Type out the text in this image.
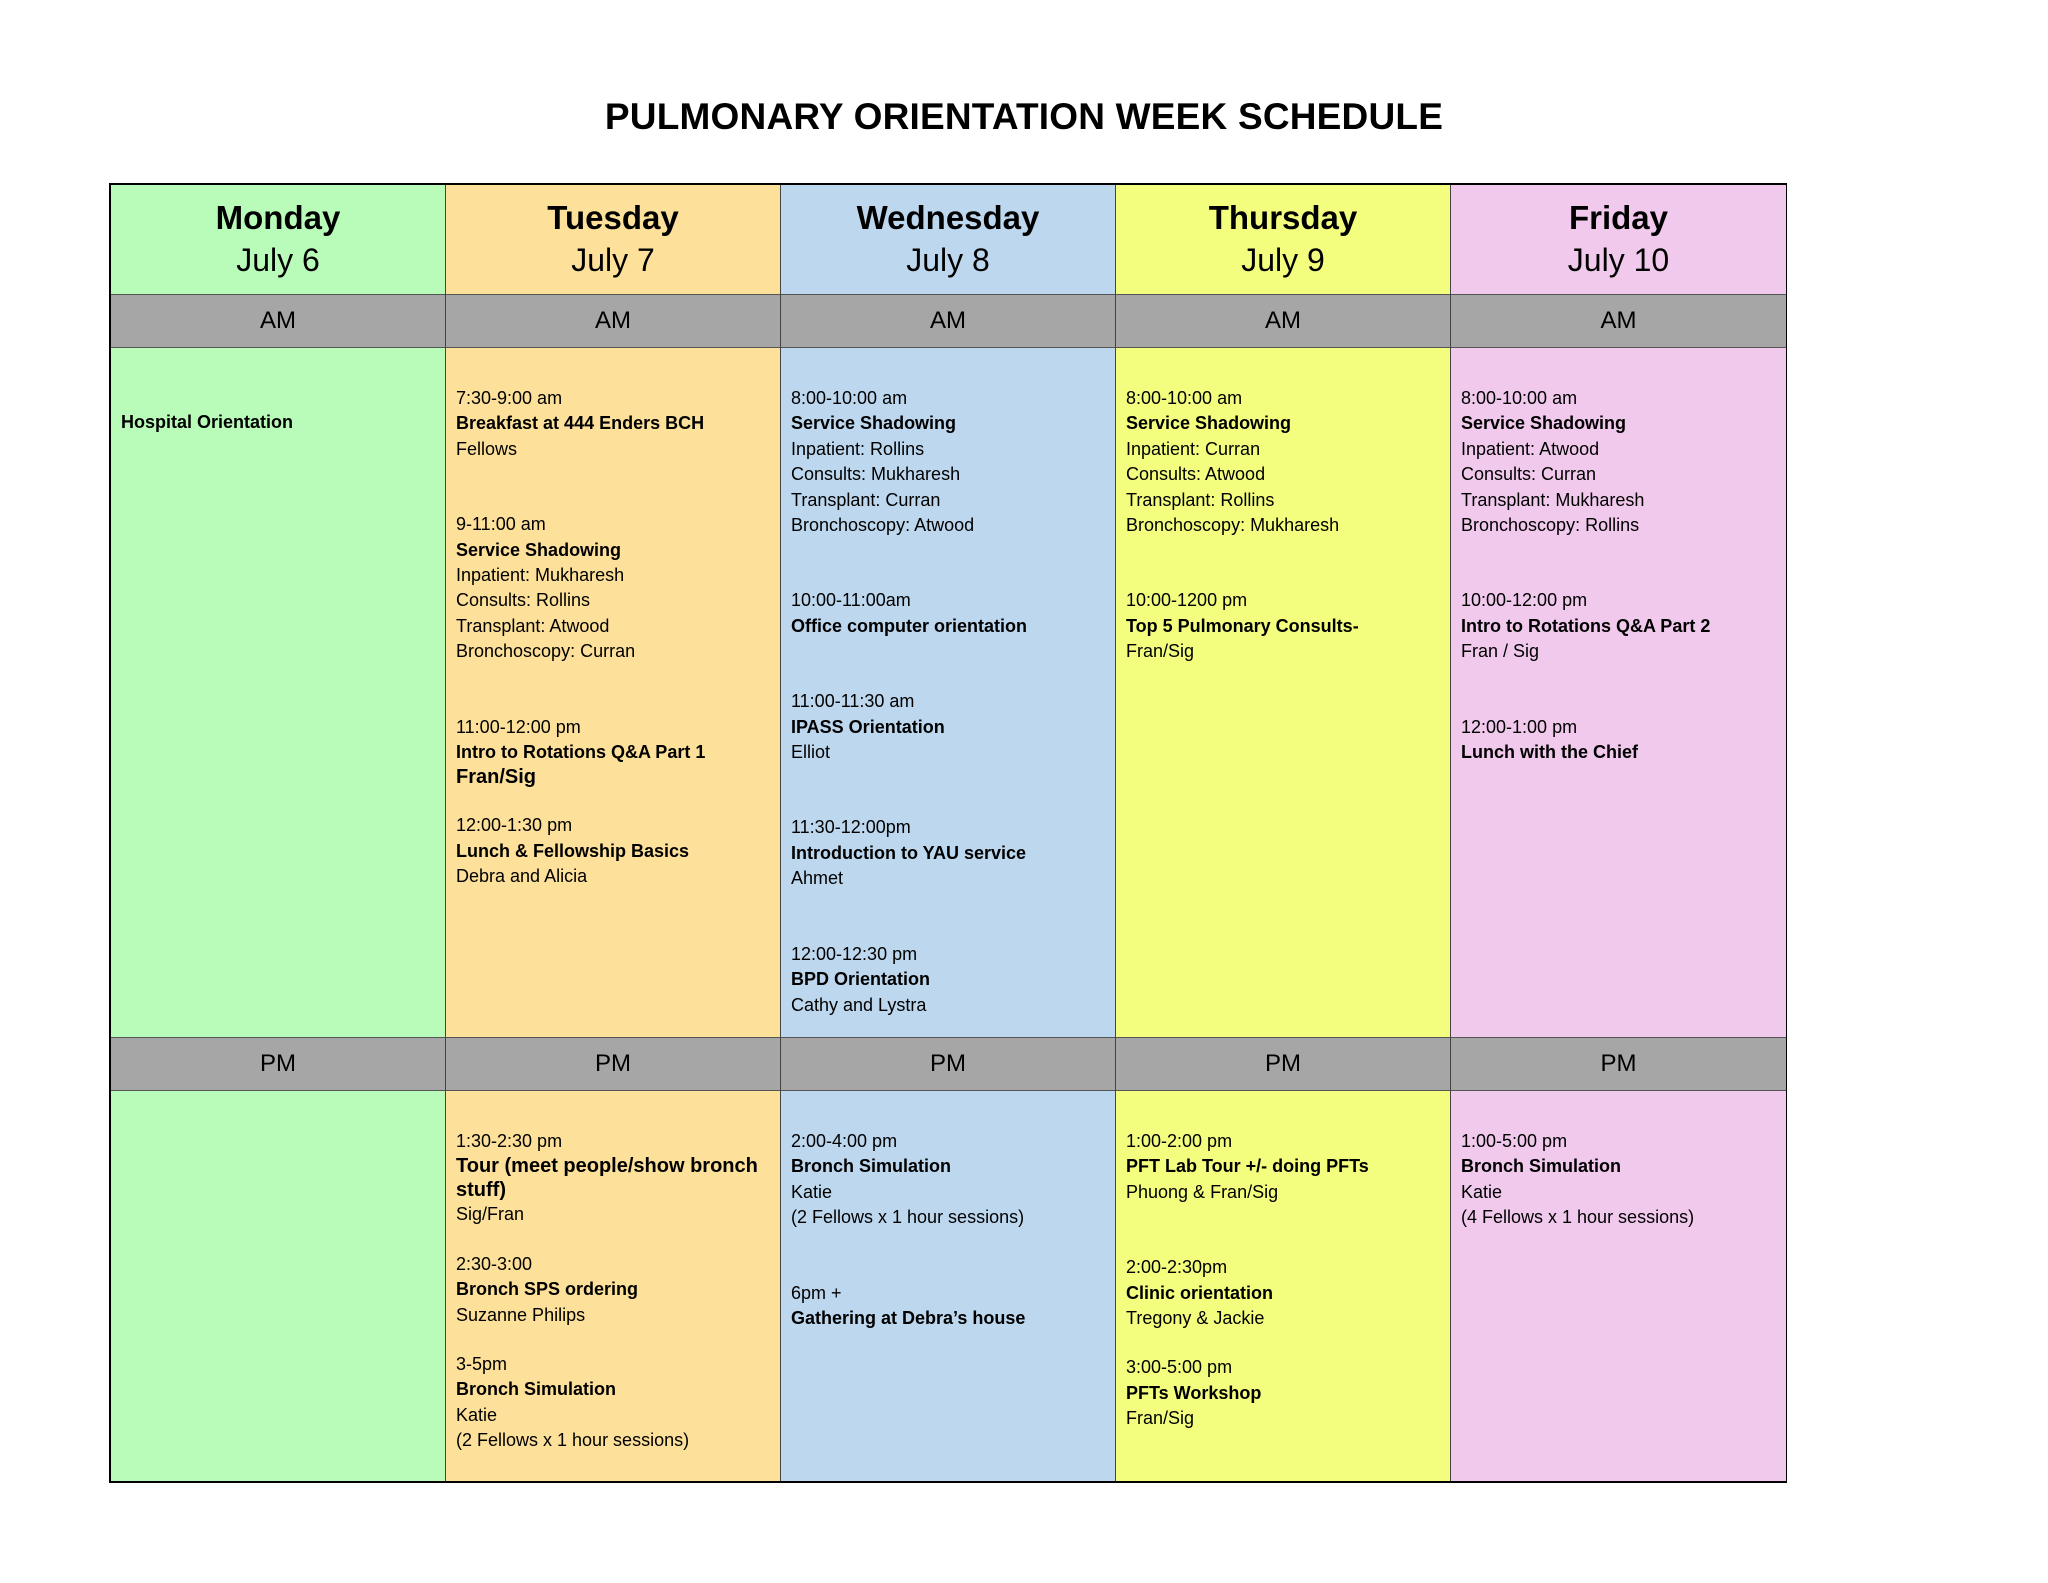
PULMONARY ORIENTATION WEEK SCHEDULE
Monday
July 6
AM
Hospital Orientation
PM
Tuesday
July 7
AM
7:30-9:00 am
Breakfast at 444 Enders BCH
Fellows
9-11:00 am
Service Shadowing
Inpatient: Mukharesh
Consults: Rollins
Transplant: Atwood
Bronchoscopy: Curran
11:00-12:00 pm
Intro to Rotations Q&A Part 1
Fran/Sig
12:00-1:30 pm
Lunch & Fellowship Basics
Debra and Alicia
PM
1:30-2:30 pm
Tour (meet people/show bronch stuff)
Sig/Fran
2:30-3:00
Bronch SPS ordering
Suzanne Philips
3-5pm
Bronch Simulation
Katie
(2 Fellows x 1 hour sessions)
Wednesday
July 8
AM
8:00-10:00 am
Service Shadowing
Inpatient: Rollins
Consults: Mukharesh
Transplant: Curran
Bronchoscopy: Atwood
10:00-11:00am
Office computer orientation
11:00-11:30 am
IPASS Orientation
Elliot
11:30-12:00pm
Introduction to YAU service
Ahmet
12:00-12:30 pm
BPD Orientation
Cathy and Lystra
PM
2:00-4:00 pm
Bronch Simulation
Katie
(2 Fellows x 1 hour sessions)
6pm +
Gathering at Debra’s house
Thursday
July 9
AM
8:00-10:00 am
Service Shadowing
Inpatient: Curran
Consults: Atwood
Transplant: Rollins
Bronchoscopy: Mukharesh
10:00-1200 pm
Top 5 Pulmonary Consults-
Fran/Sig
PM
1:00-2:00 pm
PFT Lab Tour +/- doing PFTs
Phuong & Fran/Sig
2:00-2:30pm
Clinic orientation
Tregony & Jackie
3:00-5:00 pm
PFTs Workshop
Fran/Sig
Friday
July 10
AM
8:00-10:00 am
Service Shadowing
Inpatient: Atwood
Consults: Curran
Transplant: Mukharesh
Bronchoscopy: Rollins
10:00-12:00 pm
Intro to Rotations Q&A Part 2
Fran / Sig
12:00-1:00 pm
Lunch with the Chief
PM
1:00-5:00 pm
Bronch Simulation
Katie
(4 Fellows x 1 hour sessions)
